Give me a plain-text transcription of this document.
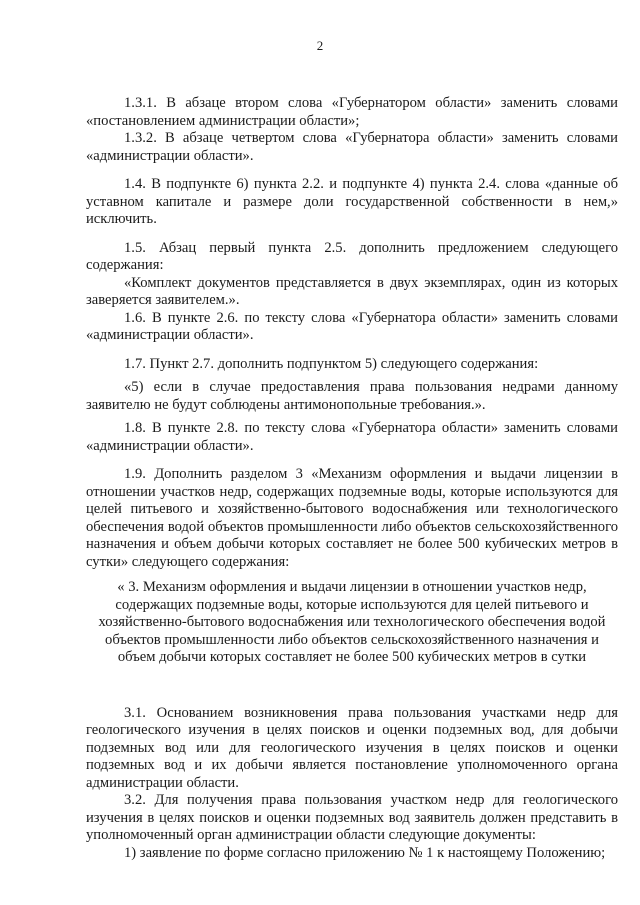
2

1.3.1. В абзаце втором слова «Губернатором области» заменить словами «постановлением администрации области»;

1.3.2. В абзаце четвертом слова «Губернатора области» заменить словами «администрации области».

1.4. В подпункте 6) пункта 2.2. и подпункте 4) пункта 2.4. слова «данные об уставном капитале и размере доли государственной собственности в нем,» исключить.

1.5. Абзац первый пункта 2.5. дополнить предложением следующего содержания:

«Комплект документов представляется в двух экземплярах, один из которых заверяется заявителем.».

1.6. В пункте 2.6. по тексту слова «Губернатора области» заменить словами «администрации области».

1.7. Пункт 2.7. дополнить подпунктом 5) следующего содержания:

«5) если в случае предоставления права пользования недрами данному заявителю не будут соблюдены антимонопольные требования.».

1.8. В пункте 2.8. по тексту слова «Губернатора области» заменить словами «администрации области».

1.9. Дополнить разделом 3 «Механизм оформления и выдачи лицензии в отношении участков недр, содержащих подземные воды, которые используются для целей питьевого и хозяйственно-бытового водоснабжения или технологического обеспечения водой объектов промышленности либо объектов сельскохозяйственного назначения и объем добычи которых составляет не более 500 кубических метров в сутки» следующего содержания:

« 3. Механизм оформления и выдачи лицензии в отношении участков недр,
содержащих подземные воды, которые используются для целей питьевого и
хозяйственно-бытового водоснабжения или технологического обеспечения водой
объектов промышленности либо объектов сельскохозяйственного назначения и
объем добычи которых составляет не более 500 кубических метров в сутки

3.1. Основанием возникновения права пользования участками недр для геологического изучения в целях поисков и оценки подземных вод, для добычи подземных вод или для геологического изучения в целях поисков и оценки подземных вод и их добычи является постановление уполномоченного органа администрации области.

3.2. Для получения права пользования участком недр для геологического изучения в целях поисков и оценки подземных вод заявитель должен представить в уполномоченный орган администрации области следующие документы:

1) заявление по форме согласно приложению № 1 к настоящему Положению;
